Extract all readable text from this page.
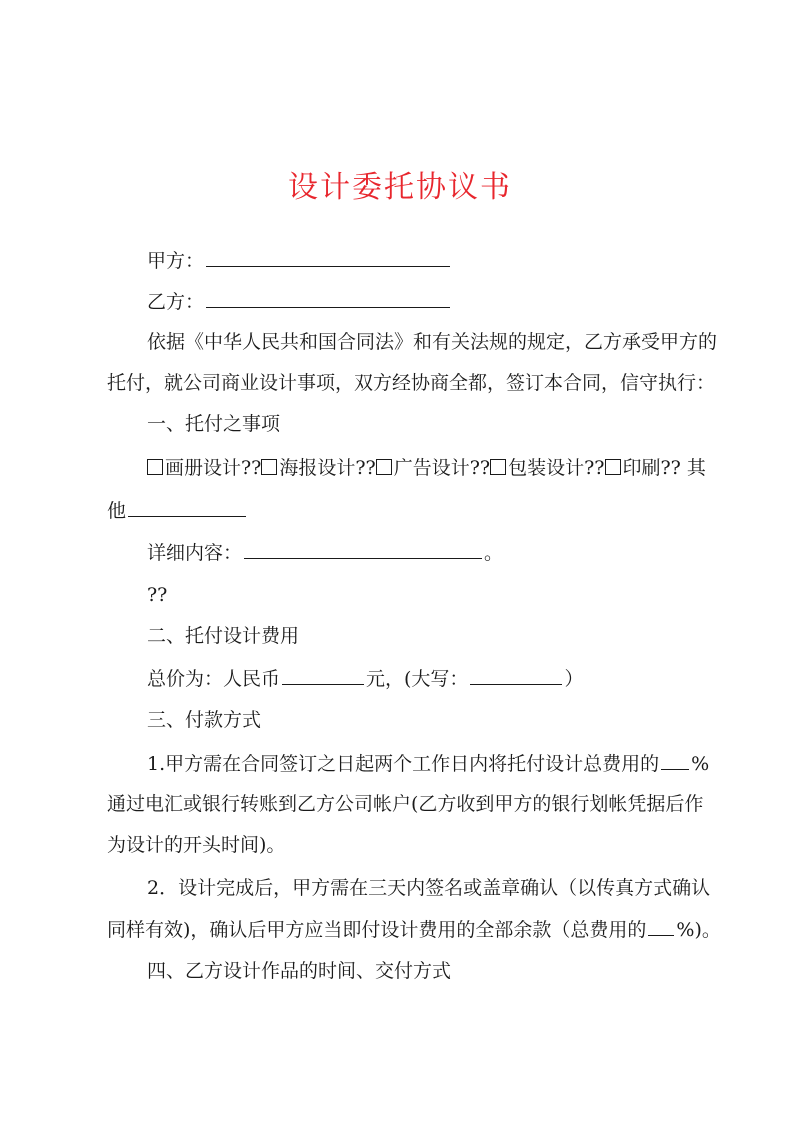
设计委托协议书
甲方：
乙方：
依据《中华人民共和国合同法》和有关法规的规定，乙方承受甲方的
托付，就公司商业设计事项，双方经协商全都，签订本合同，信守执行：
一、托付之事项
画册设计?? 海报设计?? 广告设计?? 包装设计?? 印刷?? 其
他
详细内容：	。
??
二、托付设计费用
总价为：人民币	元，(大写：	）
三、付款方式
1.甲方需在合同签订之日起两个工作日内将托付设计总费用的 %
通过电汇或银行转账到乙方公司帐户(乙方收到甲方的银行划帐凭据后作
为设计的开头时间)。
2．设计完成后，甲方需在三天内签名或盖章确认（以传真方式确认
同样有效)，确认后甲方应当即付设计费用的全部余款（总费用的 %)。
四、乙方设计作品的时间、交付方式
